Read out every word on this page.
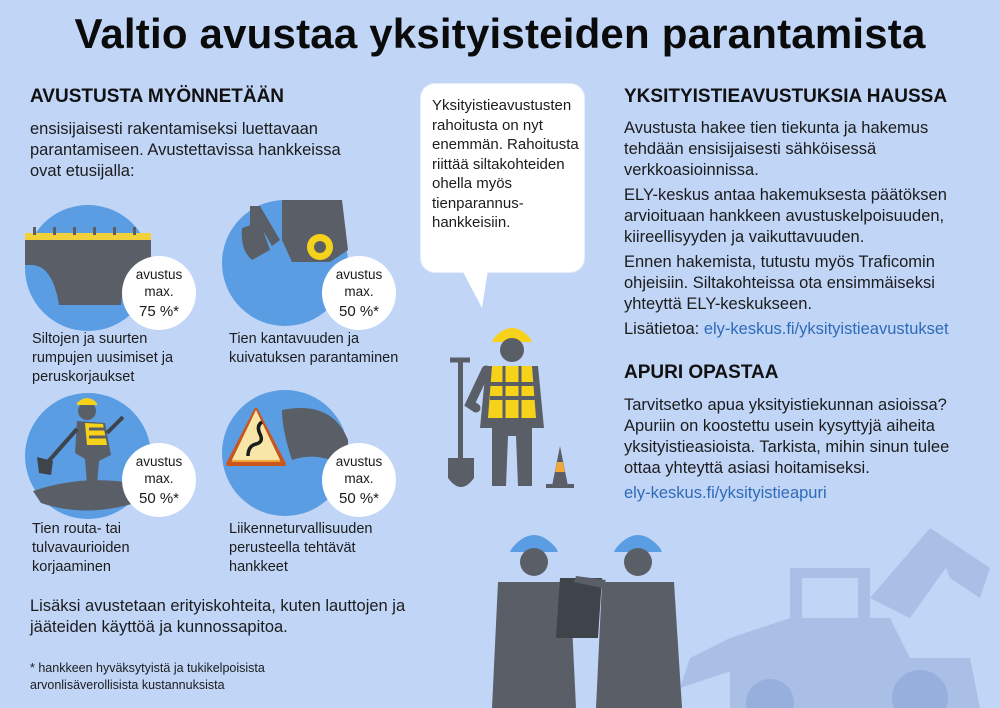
Valtio avustaa yksityisteiden parantamista
AVUSTUSTA MYÖNNETÄÄN
ensisijaisesti rakentamiseksi luettavaan parantamiseen. Avustettavissa hankkeissa ovat etusijalla:
avustus
max.
75 %*
Siltojen ja suurten rumpujen uusimiset ja peruskorjaukset
avustus
max.
50 %*
Tien kantavuuden ja kuivatuksen parantaminen
avustus
max.
50 %*
Tien routa- tai tulvavaurioiden korjaaminen
avustus
max.
50 %*
Liikenneturvallisuuden perusteella tehtävät hankkeet
Lisäksi avustetaan erityiskohteita, kuten lauttojen ja jääteiden käyttöä ja kunnossapitoa.
* hankkeen hyväksytyistä ja tukikelpoisista arvonlisäverollisista kustannuksista
Yksityistieavustusten rahoitusta on nyt enemmän. Rahoitusta riittää siltakohteiden ohella myös tienparannus-hankkeisiin.
YKSITYISTIEAVUSTUKSIA HAUSSA

Avustusta hakee tien tiekunta ja hakemus tehdään ensisijaisesti sähköisessä verkkoasioinnissa.

ELY-keskus antaa hakemuksesta päätöksen arvioituaan hankkeen avustuskelpoisuuden, kiireellisyyden ja vaikuttavuuden.

Ennen hakemista, tutustu myös Traficomin ohjeisiin. Siltakohteissa ota ensimmäiseksi yhteyttä ELY-keskukseen.

Lisätietoa: ely-keskus.fi/yksityistieavustukset

APURI OPASTAA

Tarvitsetko apua yksityistiekunnan asioissa? Apuriin on koostettu usein kysyttyjä aiheita yksityistieasioista. Tarkista, mihin sinun tulee ottaa yhteyttä asiasi hoitamiseksi.

ely-keskus.fi/yksityistieapuri
